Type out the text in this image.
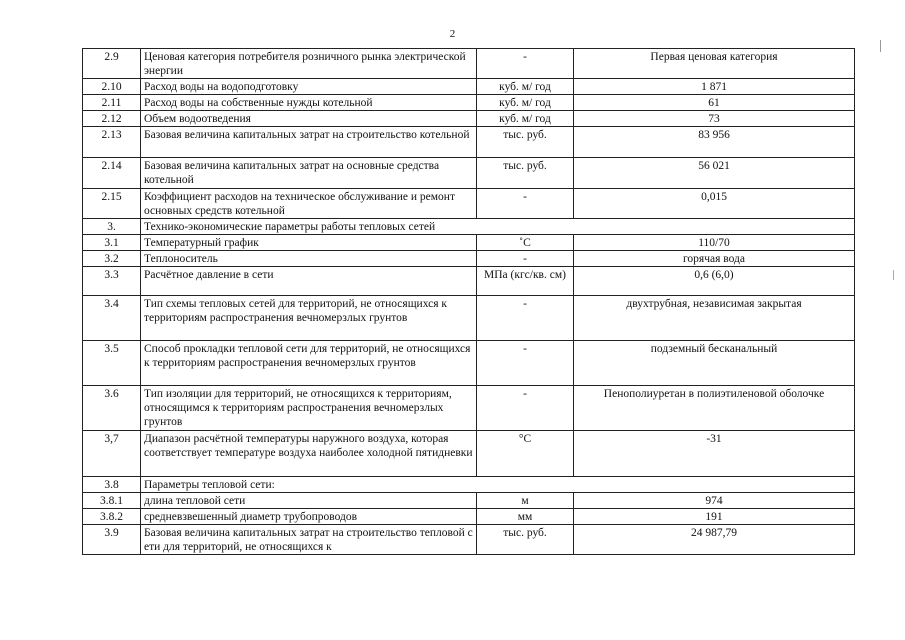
2
2.9	Ценовая категория потребителя розничного рынка электрической энергии	-	Первая ценовая категория
2.10	Расход воды на водоподготовку	куб. м/ год	1 871
2.11	Расход воды на собственные нужды котельной	куб. м/ год	61
2.12	Объем водоотведения	куб. м/ год	73
2.13	Базовая величина капитальных затрат на строительство котельной	тыс. руб.	83 956
2.14	Базовая величина капитальных затрат на основные средства котельной	тыс. руб.	56 021
2.15	Коэффициент расходов на техническое обслуживание и ремонт основных средств котельной	-	0,015
3.	Технико-экономические параметры работы тепловых сетей		
3.1	Температурный график	˚С	110/70
3.2	Теплоноситель	-	горячая вода
3.3	Расчётное давление в сети	МПа (кгс/кв. см)	0,6 (6,0)
3.4	Тип схемы тепловых сетей для территорий, не относящихся к территориям распространения вечномерзлых грунтов	-	двухтрубная, независимая закрытая
3.5	Способ прокладки тепловой сети для территорий, не относящихся к территориям распространения вечномерзлых грунтов	-	подземный бесканальный
3.6	Тип изоляции для территорий, не относящихся к территориям, относящимся к территориям распространения вечномерзлых грунтов	-	Пенополиуретан в полиэтиленовой оболочке
3,7	Диапазон расчётной температуры наружного воздуха, которая соответствует температуре воздуха наиболее холодной пятидневки	°С	-31
3.8	Параметры тепловой сети:		
3.8.1	длина тепловой сети	м	974
3.8.2	средневзвешенный диаметр трубопроводов	мм	191
3.9	Базовая величина капитальных затрат на строительство тепловой с ети для территорий, не относящихся к	тыс. руб.	24 987,79
